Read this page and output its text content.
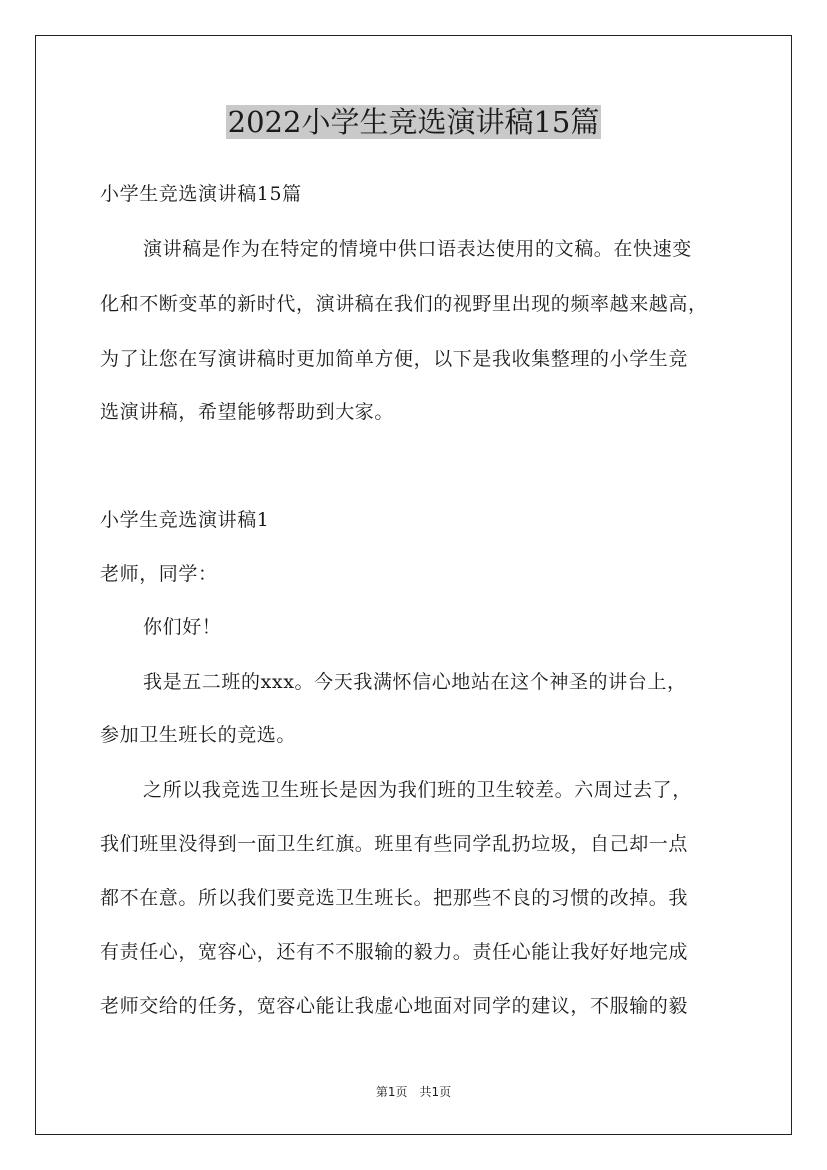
2022小学生竞选演讲稿15篇

小学生竞选演讲稿15篇

演讲稿是作为在特定的情境中供口语表达使用的文稿。在快速变

化和不断变革的新时代，演讲稿在我们的视野里出现的频率越来越高，

为了让您在写演讲稿时更加简单方便，以下是我收集整理的小学生竞

选演讲稿，希望能够帮助到大家。

小学生竞选演讲稿1

老师，同学：

你们好！

我是五二班的xxx。今天我满怀信心地站在这个神圣的讲台上，

参加卫生班长的竞选。

之所以我竞选卫生班长是因为我们班的卫生较差。六周过去了，

我们班里没得到一面卫生红旗。班里有些同学乱扔垃圾，自己却一点

都不在意。所以我们要竞选卫生班长。把那些不良的习惯的改掉。我

有责任心，宽容心，还有不不服输的毅力。责任心能让我好好地完成

老师交给的任务，宽容心能让我虚心地面对同学的建议，不服输的毅

第1页　共1页
